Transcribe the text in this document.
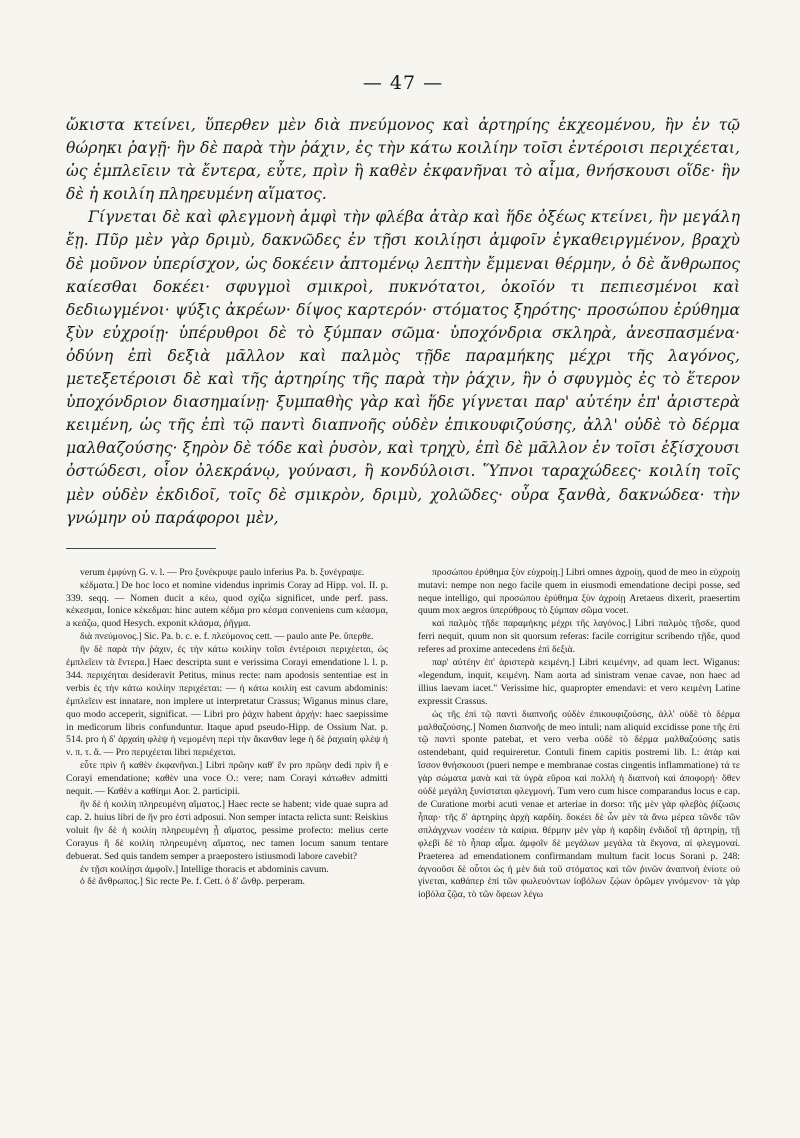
— 47 —

ὤκιστα κτείνει, ὕπερθεν μὲν διὰ πνεύμονος καὶ ἀρτηρίης ἐκχεομένου, ἢν ἐν τῷ θώρηκι ῥαγῇ· ἢν δὲ παρὰ τὴν ῥάχιν, ἐς τὴν κάτω κοιλίην τοῖσι ἐντέροισι περιχέεται, ὡς ἐμπλεῖειν τὰ ἔντερα, εὖτε, πρὶν ἢ καθὲν ἐκφανῆναι τὸ αἷμα, θνήσκουσι οἵδε· ἢν δὲ ἡ κοιλίη πληρευμένη αἵματος.

Γίγνεται δὲ καὶ φλεγμονὴ ἀμφὶ τὴν φλέβα ἀτὰρ καὶ ἥδε ὀξέως κτείνει, ἢν μεγάλη ἔῃ. Πῦρ μὲν γὰρ δριμὺ, δακνῶδες ἐν τῇσι κοιλίῃσι ἀμφοῖν ἐγκαθειργμένον, βραχὺ δὲ μοῦνον ὑπερίσχον, ὡς δοκέειν ἀπτομένῳ λεπτὴν ἔμμεναι θέρμην, ὁ δὲ ἄνθρωπος καίεσθαι δοκέει· σφυγμοὶ σμικροὶ, πυκνότατοι, ὁκοῖόν τι πεπιεσμένοι καὶ δεδιωγμένοι· ψύξις ἀκρέων· δίψος καρτερόν· στόματος ξηρότης· προσώπου ἐρύθημα ξὺν εὐχροίῃ· ὑπέρυθροι δὲ τὸ ξύμπαν σῶμα· ὑποχόνδρια σκληρὰ, ἀνεσπασμένα· ὀδύνη ἐπὶ δεξιὰ μᾶλλον καὶ παλμὸς τῇδε παραμήκης μέχρι τῆς λαγόνος, μετεξετέροισι δὲ καὶ τῆς ἀρτηρίης τῆς παρὰ τὴν ῥάχιν, ἢν ὁ σφυγμὸς ἐς τὸ ἕτερον ὑποχόνδριον διασημαίνῃ· ξυμπαθὴς γὰρ καὶ ἥδε γίγνεται παρ' αὐτέην ἐπ' ἀριστερὰ κειμένη, ὡς τῆς ἐπὶ τῷ παντὶ διαπνοῆς οὐδὲν ἐπικουφιζούσης, ἀλλ' οὐδὲ τὸ δέρμα μαλθαζούσης· ξηρὸν δὲ τόδε καὶ ῥυσὸν, καὶ τρηχὺ, ἐπὶ δὲ μᾶλλον ἐν τοῖσι ἐξίσχουσι ὀστώδεσι, οἷον ὀλεκράνῳ, γούνασι, ἢ κονδύλοισι. Ὕπνοι ταραχώδεες· κοιλίη τοῖς μὲν οὐδὲν ἐκδιδοῖ, τοῖς δὲ σμικρὸν, δριμὺ, χολῶδες· οὖρα ξανθὰ, δακνώδεα· τὴν γνώμην οὐ παράφοροι μὲν,

verum ἐμφύνῃ G. v. l. — Pro ξυνέκρυψε paulo inferius Pa. b. ξυνέγραψε.

κέδματα.] De hoc loco et nomine videndus inprimis Coray ad Hipp. vol. II. p. 339. seqq. — Nomen ducit a κέω, quod σχίζω significet, unde perf. pass. κέκεσμαι, Ionice κέκεδμαι: hinc autem κέδμα pro κέσμα conveniens cum κέασμα, a κεάζω, quod Hesych. exponit κλάσμα, ῥῆγμα.

διὰ πνεύμονος.] Sic. Pa. b. c. e. f. πλεύμονος cett. — paulo ante Pe. ὕπερθε.

ἢν δὲ παρὰ τὴν ῥάχιν, ἐς τὴν κάτω κοιλίην τοῖσι ἐντέροισι περιχέεται, ὡς ἐμπλεῖειν τὰ ἔντερα.] Haec descripta sunt e verissima Corayi emendatione l. l. p. 344. περιχέηται desideravit Petitus, minus recte: nam apodosis sententiae est in verbis ἐς τὴν κάτω κοιλίην περιχέεται: — ἡ κάτω κοιλίη est cavum abdominis: ἐμπλεῖειν est innatare, non implere ut interpretatur Crassus; Wiganus minus clare, quo modo acceperit, significat. — Libri pro ῥάχιν habent ἀρχήν: haec saepissime in medicorum libris confunduntur. Itaque apud pseudo-Hipp. de Ossium Nat. p. 514. pro ἡ δ' ἀρχαίη φλὲψ ἡ νεμομένη περὶ τὴν ἄκανθαν lege ἡ δὲ ῥαχιαίη φλὲψ ἡ ν. π. τ. ἄ. — Pro περιχέεται libri περιέχεται.

εὖτε πρὶν ἢ καθὲν ἐκφανῆναι.] Libri πρῶην καθ' ἕν pro πρῶην dedi πρὶν ἢ e Corayi emendatione; καθὲν una voce O.: vere; nam Corayi κάτωθεν admitti nequit. — Καθὲν a καθίημι Aor. 2. participii.

ἢν δὲ ἡ κοιλίη πληρευμένη αἵματος.] Haec recte se habent; vide quae supra ad cap. 2. huius libri de ἢν pro ἐστὶ adposui. Non semper intacta relicta sunt: Reiskius voluit ἢν δὲ ἡ κοιλίη πληρευμένη ᾖ αἵματος, pessime profecto: melius certe Corayus ἢ δὲ κοιλίη πληρευμένη αἵματος, nec tamen locum sanum tentare debuerat. Sed quis tandem semper a praepostero istiusmodi labore cavebit?

ἐν τῇσι κοιλίῃσι ἀμφοῖν.] Intellige thoracis et abdominis cavum.

ὁ δὲ ἄνθρωπος.] Sic recte Pe. f. Cett. ὁ δ' ὤνθρ. perperam.

προσώπου ἐρύθημα ξὺν εὐχροίῃ.] Libri omnes ἀχροίῃ, quod de meo in εὐχροίῃ mutavi: nempe non nego facile quem in eiusmodi emendatione decipi posse, sed neque intelligo, qui προσώπου ἐρύθημα ξὺν ἀχροίῃ Aretaeus dixerit, praesertim quum mox aegros ὑπερύθρους τὸ ξύμπαν σῶμα vocet.

καὶ παλμὸς τῇδε παραμήκης μέχρι τῆς λαγόνος.] Libri παλμὸς τῇσδε, quod ferri nequit, quum non sit quorsum referas: facile corrigitur scribendo τῇδε, quod referes ad proxime antecedens ἐπὶ δεξιὰ.

παρ' αὐτέην ἐπ' ἀριστερὰ κειμένη.] Libri κειμένην, ad quam lect. Wiganus: «legendum, inquit, κειμένη. Nam aorta ad sinistram venae cavae, non haec ad illius laevam iacet." Verissime hic, quapropter emendavi: et vero κειμένη Latine expressit Crassus.

ὡς τῆς ἐπὶ τῷ παντὶ διαπνοῆς οὐδὲν ἐπικουφιζούσης, ἀλλ' οὐδὲ τὸ δέρμα μαλθαζούσης.] Nomen διαπνοῆς de meo intuli; nam aliquid excidisse pone τῆς ἐπὶ τῷ παντὶ sponte patebat, et vero verba οὐδὲ τὸ δέρμα μαλθαζούσης satis ostendebant, quid requireretur. Contuli finem capitis postremi lib. I.: ἀτὰρ καὶ ἴσσον θνήσκουσι (pueri nempe e membranae costas cingentis inflammatione) τά τε γὰρ σώματα μανὰ καὶ τὰ ὑγρὰ εὔροα καὶ πολλὴ ἡ διαπνοὴ καὶ ἀποφορή· ὅθεν οὐδὲ μεγάλη ξυνίσταται φλεγμονή. Tum vero cum hisce comparandus locus e cap. de Curatione morbi acuti venae et arteriae in dorso: τῆς μὲν γὰρ φλεβὸς ῥίζωσις ἧπαρ· τῆς δ' ἀρτηρίης ἀρχὴ καρδίη. δοκέει δὲ ὧν μὲν τὰ ἄνω μέρεα τῶνδε τῶν σπλάγχνων νοσέειν τὰ καίρια. θέρμην μὲν γὰρ ἡ καρδίη ἐνδιδοῖ τῇ ἀρτηρίῃ, τῇ φλεβὶ δὲ τὸ ἧπαρ αἷμα. ἀμφοῖν δὲ μεγάλων μεγάλα τὰ ἔκγονα, αἱ φλεγμοναί. Praeterea ad emendationem confirmandam multum facit locus Sorani p. 248: ἀγνοοῦσι δὲ οὗτοι ὡς ἡ μὲν διὰ τοῦ στόματος καὶ τῶν ῥινῶν ἀναπνοὴ ἐνίοτε οὐ γίνεται, καθάπερ ἐπὶ τῶν φωλευόντων ἰοβόλων ζῴων ὁρῶμεν γινόμενον· τὰ γὰρ ἰοβόλα ζῷα, τὸ τῶν ὄφεων λέγω
